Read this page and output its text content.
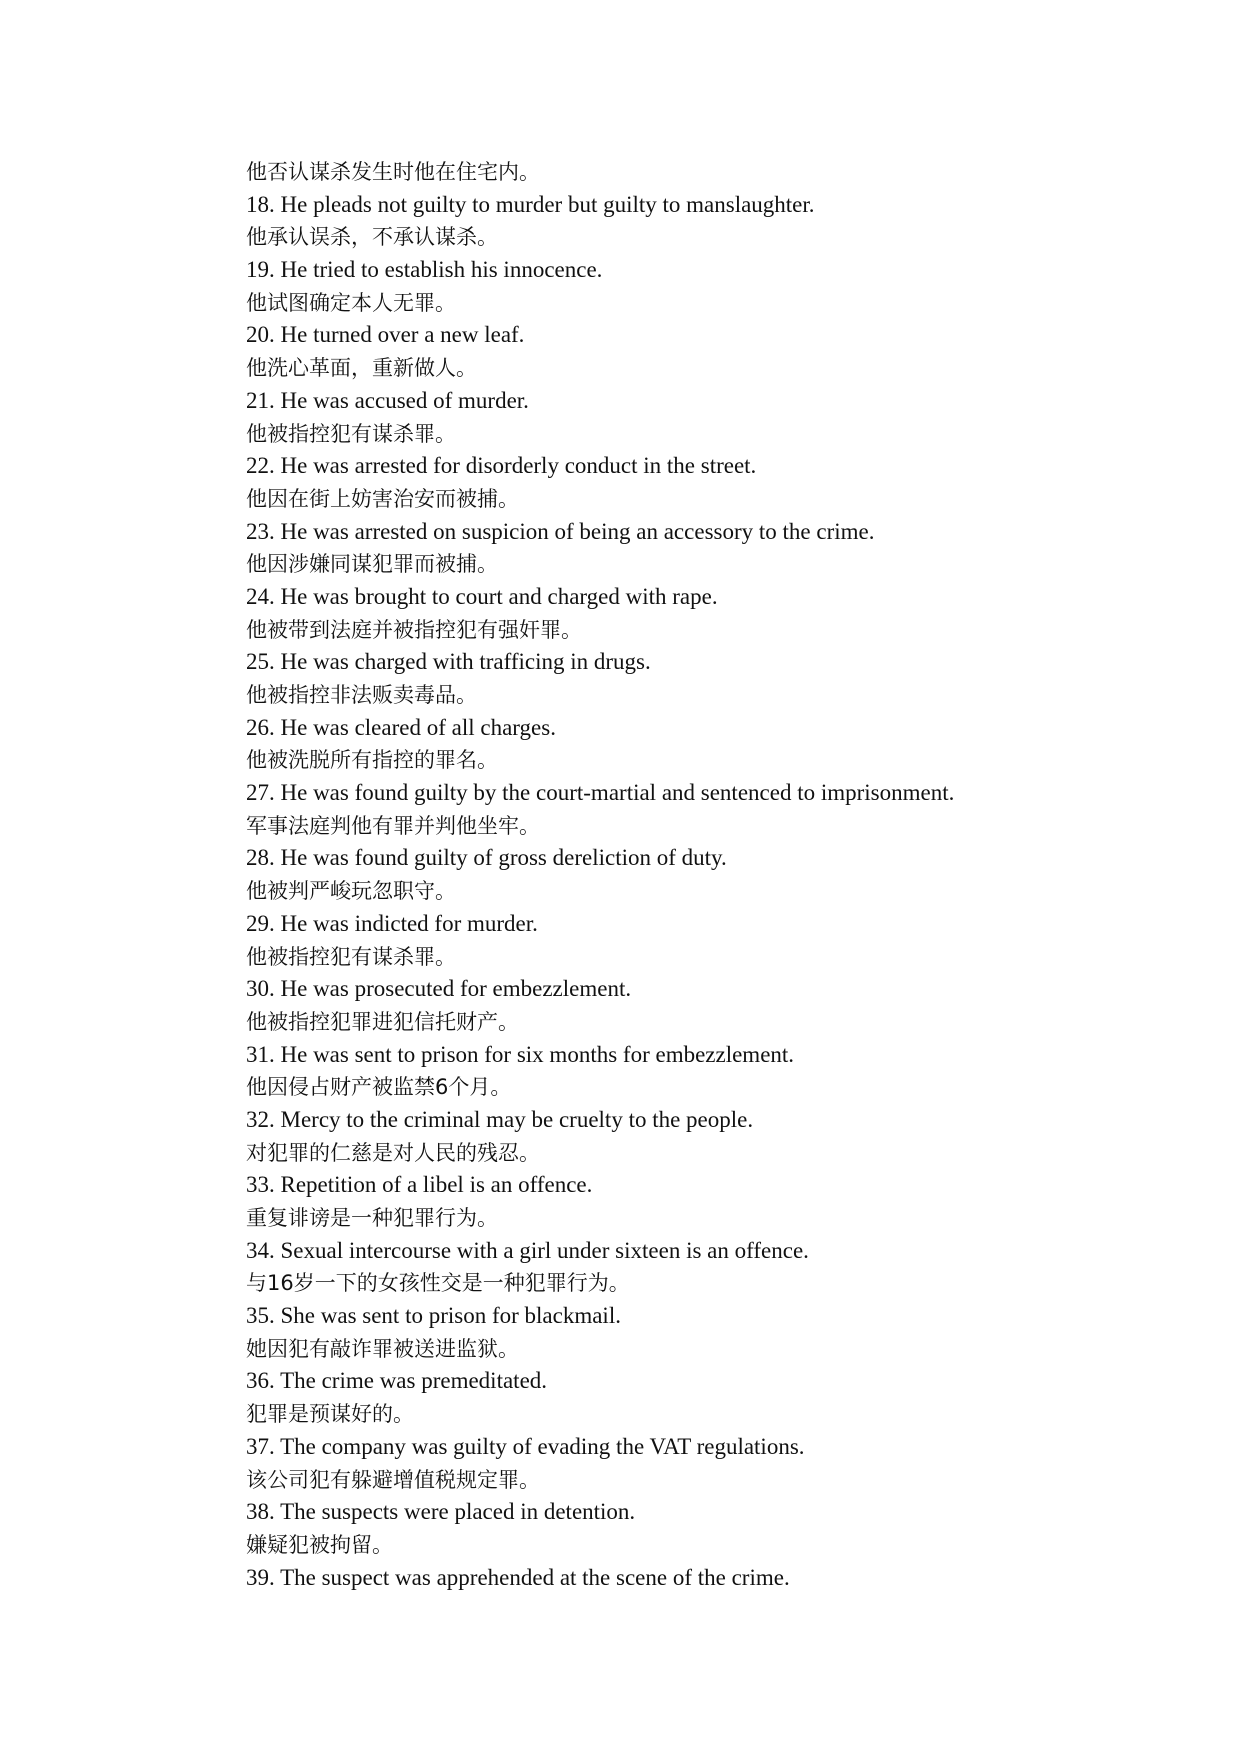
他否认谋杀发生时他在住宅内。
18. He pleads not guilty to murder but guilty to manslaughter.
他承认误杀，不承认谋杀。
19. He tried to establish his innocence.
他试图确定本人无罪。
20. He turned over a new leaf.
他洗心革面，重新做人。
21. He was accused of murder.
他被指控犯有谋杀罪。
22. He was arrested for disorderly conduct in the street.
他因在街上妨害治安而被捕。
23. He was arrested on suspicion of being an accessory to the crime.
他因涉嫌同谋犯罪而被捕。
24. He was brought to court and charged with rape.
他被带到法庭并被指控犯有强奸罪。
25. He was charged with trafficing in drugs.
他被指控非法贩卖毒品。
26. He was cleared of all charges.
他被洗脱所有指控的罪名。
27. He was found guilty by the court-martial and sentenced to imprisonment.
军事法庭判他有罪并判他坐牢。
28. He was found guilty of gross dereliction of duty.
他被判严峻玩忽职守。
29. He was indicted for murder.
他被指控犯有谋杀罪。
30. He was prosecuted for embezzlement.
他被指控犯罪进犯信托财产。
31. He was sent to prison for six months for embezzlement.
他因侵占财产被监禁6个月。
32. Mercy to the criminal may be cruelty to the people.
对犯罪的仁慈是对人民的残忍。
33. Repetition of a libel is an offence.
重复诽谤是一种犯罪行为。
34. Sexual intercourse with a girl under sixteen is an offence.
与16岁一下的女孩性交是一种犯罪行为。
35. She was sent to prison for blackmail.
她因犯有敲诈罪被送进监狱。
36. The crime was premeditated.
犯罪是预谋好的。
37. The company was guilty of evading the VAT regulations.
该公司犯有躲避增值税规定罪。
38. The suspects were placed in detention.
嫌疑犯被拘留。
39. The suspect was apprehended at the scene of the crime.
